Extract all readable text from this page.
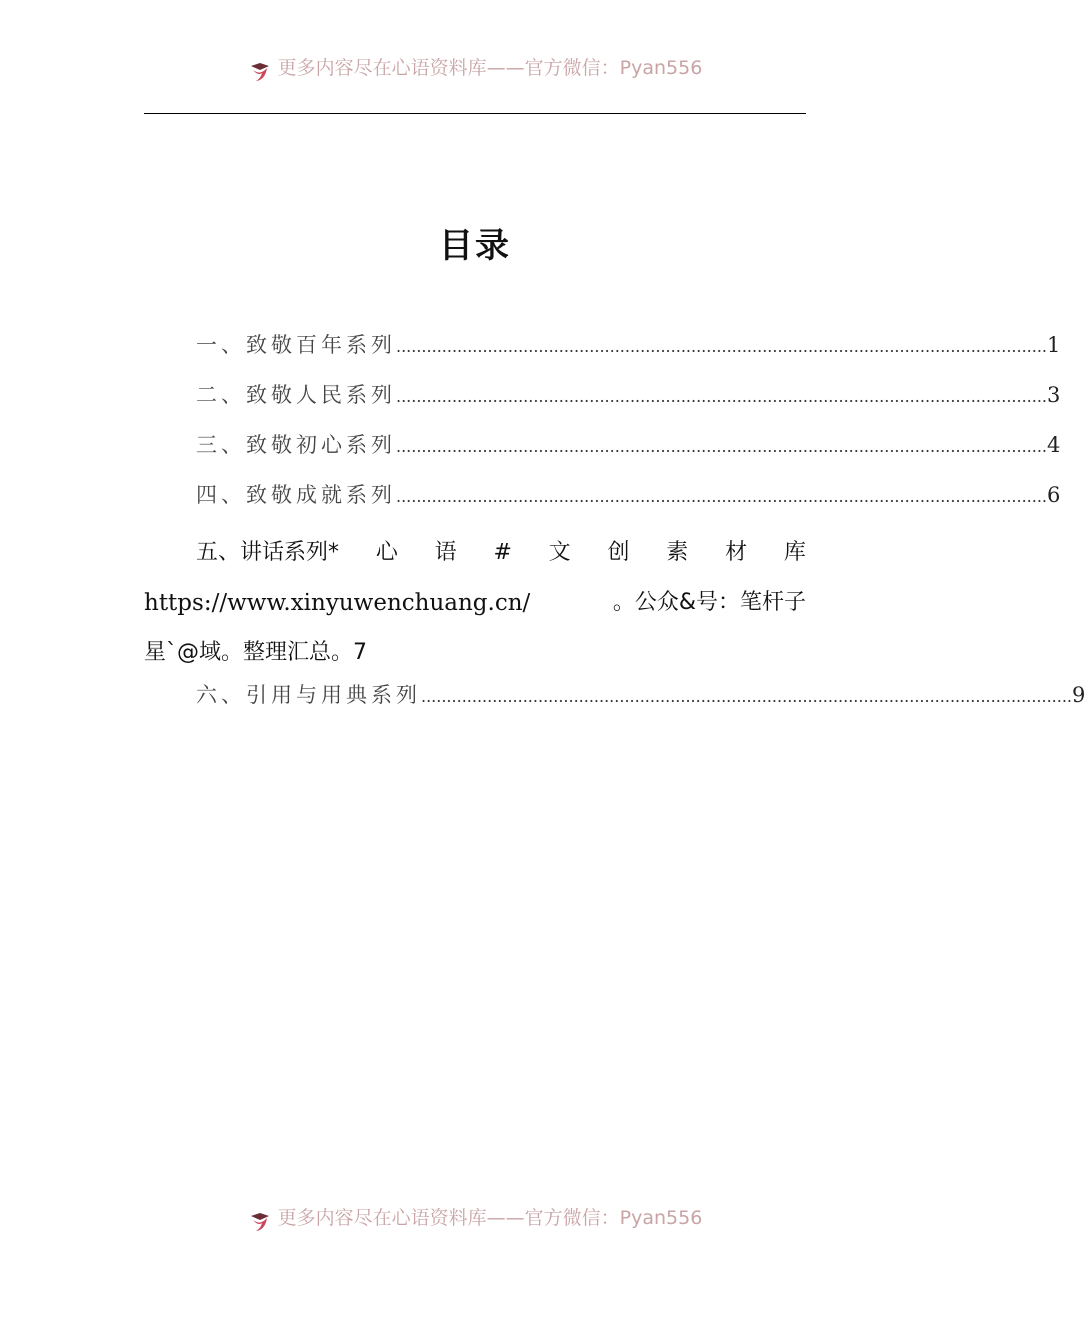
更多内容尽在心语资料库——官方微信：Pyan556
目录
一、致敬百年系列 ................................................................................................................................ 1
二、致敬人民系列 ................................................................................................................................ 3
三、致敬初心系列 ................................................................................................................................ 4
四、致敬成就系列 ................................................................................................................................ 6
五、讲话系列* 心 语 # 文 创 素 材 库
https://www.xinyuwenchuang.cn/	。公众&号：笔杆子
星`@域。整理汇总。7
六、引用与用典系列 ................................................................................................................................ 9
更多内容尽在心语资料库——官方微信：Pyan556
